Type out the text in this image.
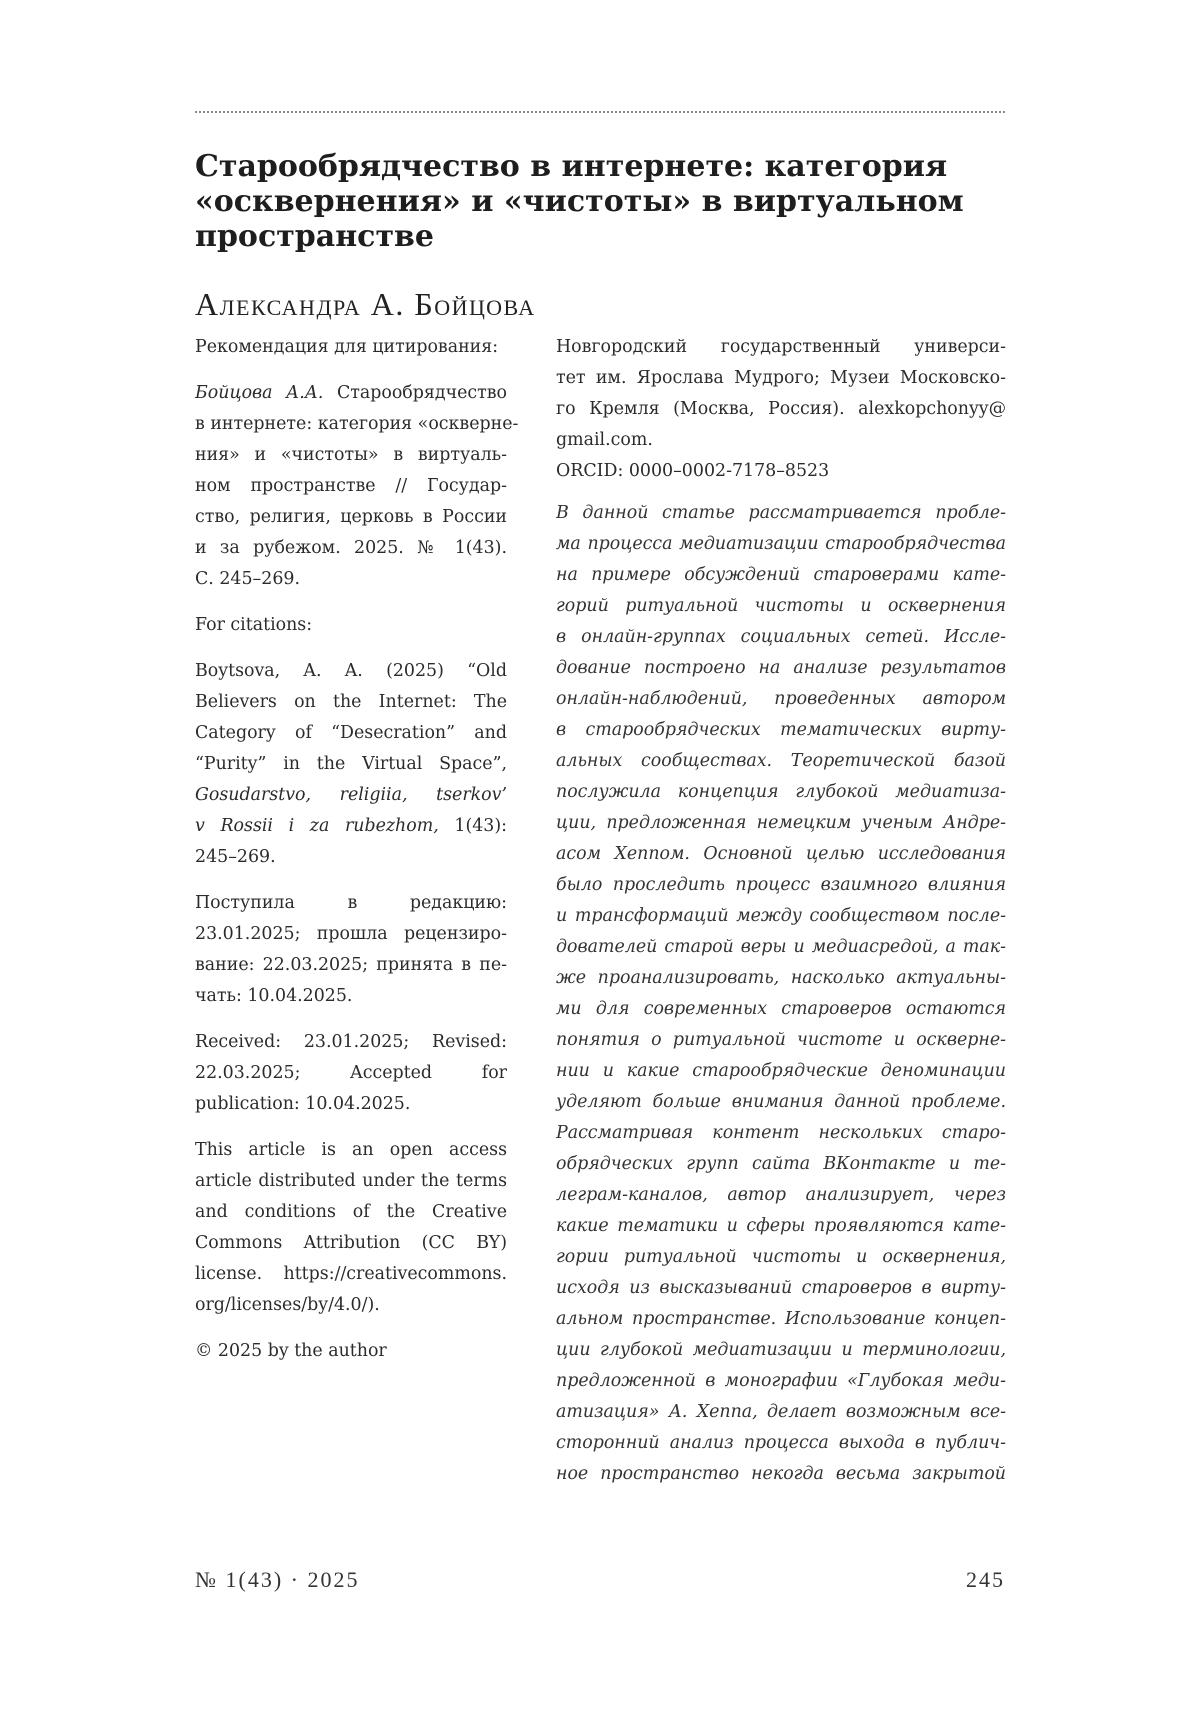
Старообрядчество в интернете: категория
«осквернения» и «чистоты» в виртуальном
пространстве
Александра А. Бойцова

Рекомендация для цитирования:

Бойцова А.А. Старообрядчество
в интернете: категория «оскверне-
ния» и «чистоты» в виртуаль-
ном пространстве // Государ-
ство, религия, церковь в России
и за рубежом. 2025. № 1(43).
С. 245–269.

For citations:

Boytsova, A. A. (2025) “Old
Believers on the Internet: The
Category of “Desecration” and
“Purity” in the Virtual Space”,
Gosudarstvo, religiia, tserkov’
v Rossii i za rubezhom, 1(43):
245–269.

Поступила в редакцию:
23.01.2025; прошла рецензиро-
вание: 22.03.2025; принята в пе-
чать: 10.04.2025.

Received: 23.01.2025; Revised:
22.03.2025; Accepted for
publication: 10.04.2025.

This article is an open access
article distributed under the terms
and conditions of the Creative
Commons Attribution (CC BY)
license. https://creativecommons.
org/licenses/by/4.0/).

© 2025 by the author

Новгородский государственный универси-
тет им. Ярослава Мудрого; Музеи Московско-
го Кремля (Москва, Россия). alexkopchonyy@
gmail.com.
ORCID: 0000–0002-7178–8523
В данной статье рассматривается пробле-
ма процесса медиатизации старообрядчества
на примере обсуждений староверами кате-
горий ритуальной чистоты и осквернения
в онлайн-группах социальных сетей. Иссле-
дование построено на анализе результатов
онлайн-наблюдений, проведенных автором
в старообрядческих тематических вирту-
альных сообществах. Теоретической базой
послужила концепция глубокой медиатиза-
ции, предложенная немецким ученым Андре-
асом Хеппом. Основной целью исследования
было проследить процесс взаимного влияния
и трансформаций между сообществом после-
дователей старой веры и медиасредой, а так-
же проанализировать, насколько актуальны-
ми для современных староверов остаются
понятия о ритуальной чистоте и осквернe-
нии и какие старообрядческие деноминации
уделяют больше внимания данной проблеме.
Рассматривая контент нескольких старо-
обрядческих групп сайта ВКонтакте и те-
леграм-каналов, автор анализирует, через
какие тематики и сферы проявляются кате-
гории ритуальной чистоты и осквернения,
исходя из высказываний староверов в вирту-
альном пространстве. Использование концеп-
ции глубокой медиатизации и терминологии,
предложенной в монографии «Глубокая меди-
атизация» А. Хеппа, делает возможным все-
сторонний анализ процесса выхода в публич-
ное пространство некогда весьма закрытой
№ 1(43) · 2025	245
